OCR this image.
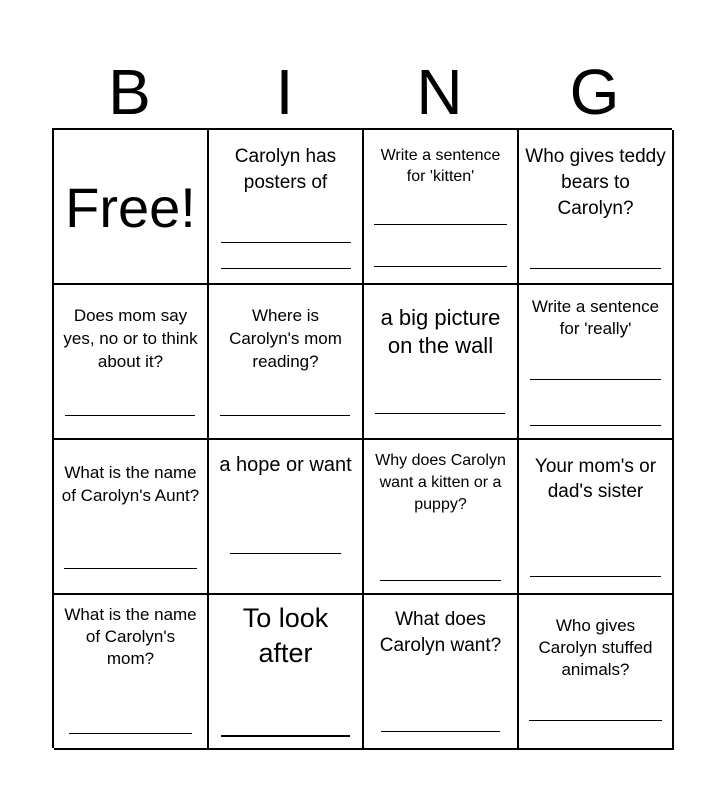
B	I	N	G
Free!
Carolyn has posters of
Write a sentence for 'kitten'
Who gives teddy bears to Carolyn?
Does mom say yes, no or to think about it?
Where is Carolyn's mom reading?
a big picture on the wall
Write a sentence for 'really'
What is the name of Carolyn's Aunt?
a hope or want	Why does Carolyn want a kitten or a puppy?
Your mom's or dad's sister
What is the name of Carolyn's mom?
To look after
What does Carolyn want?
Who gives Carolyn stuffed animals?
